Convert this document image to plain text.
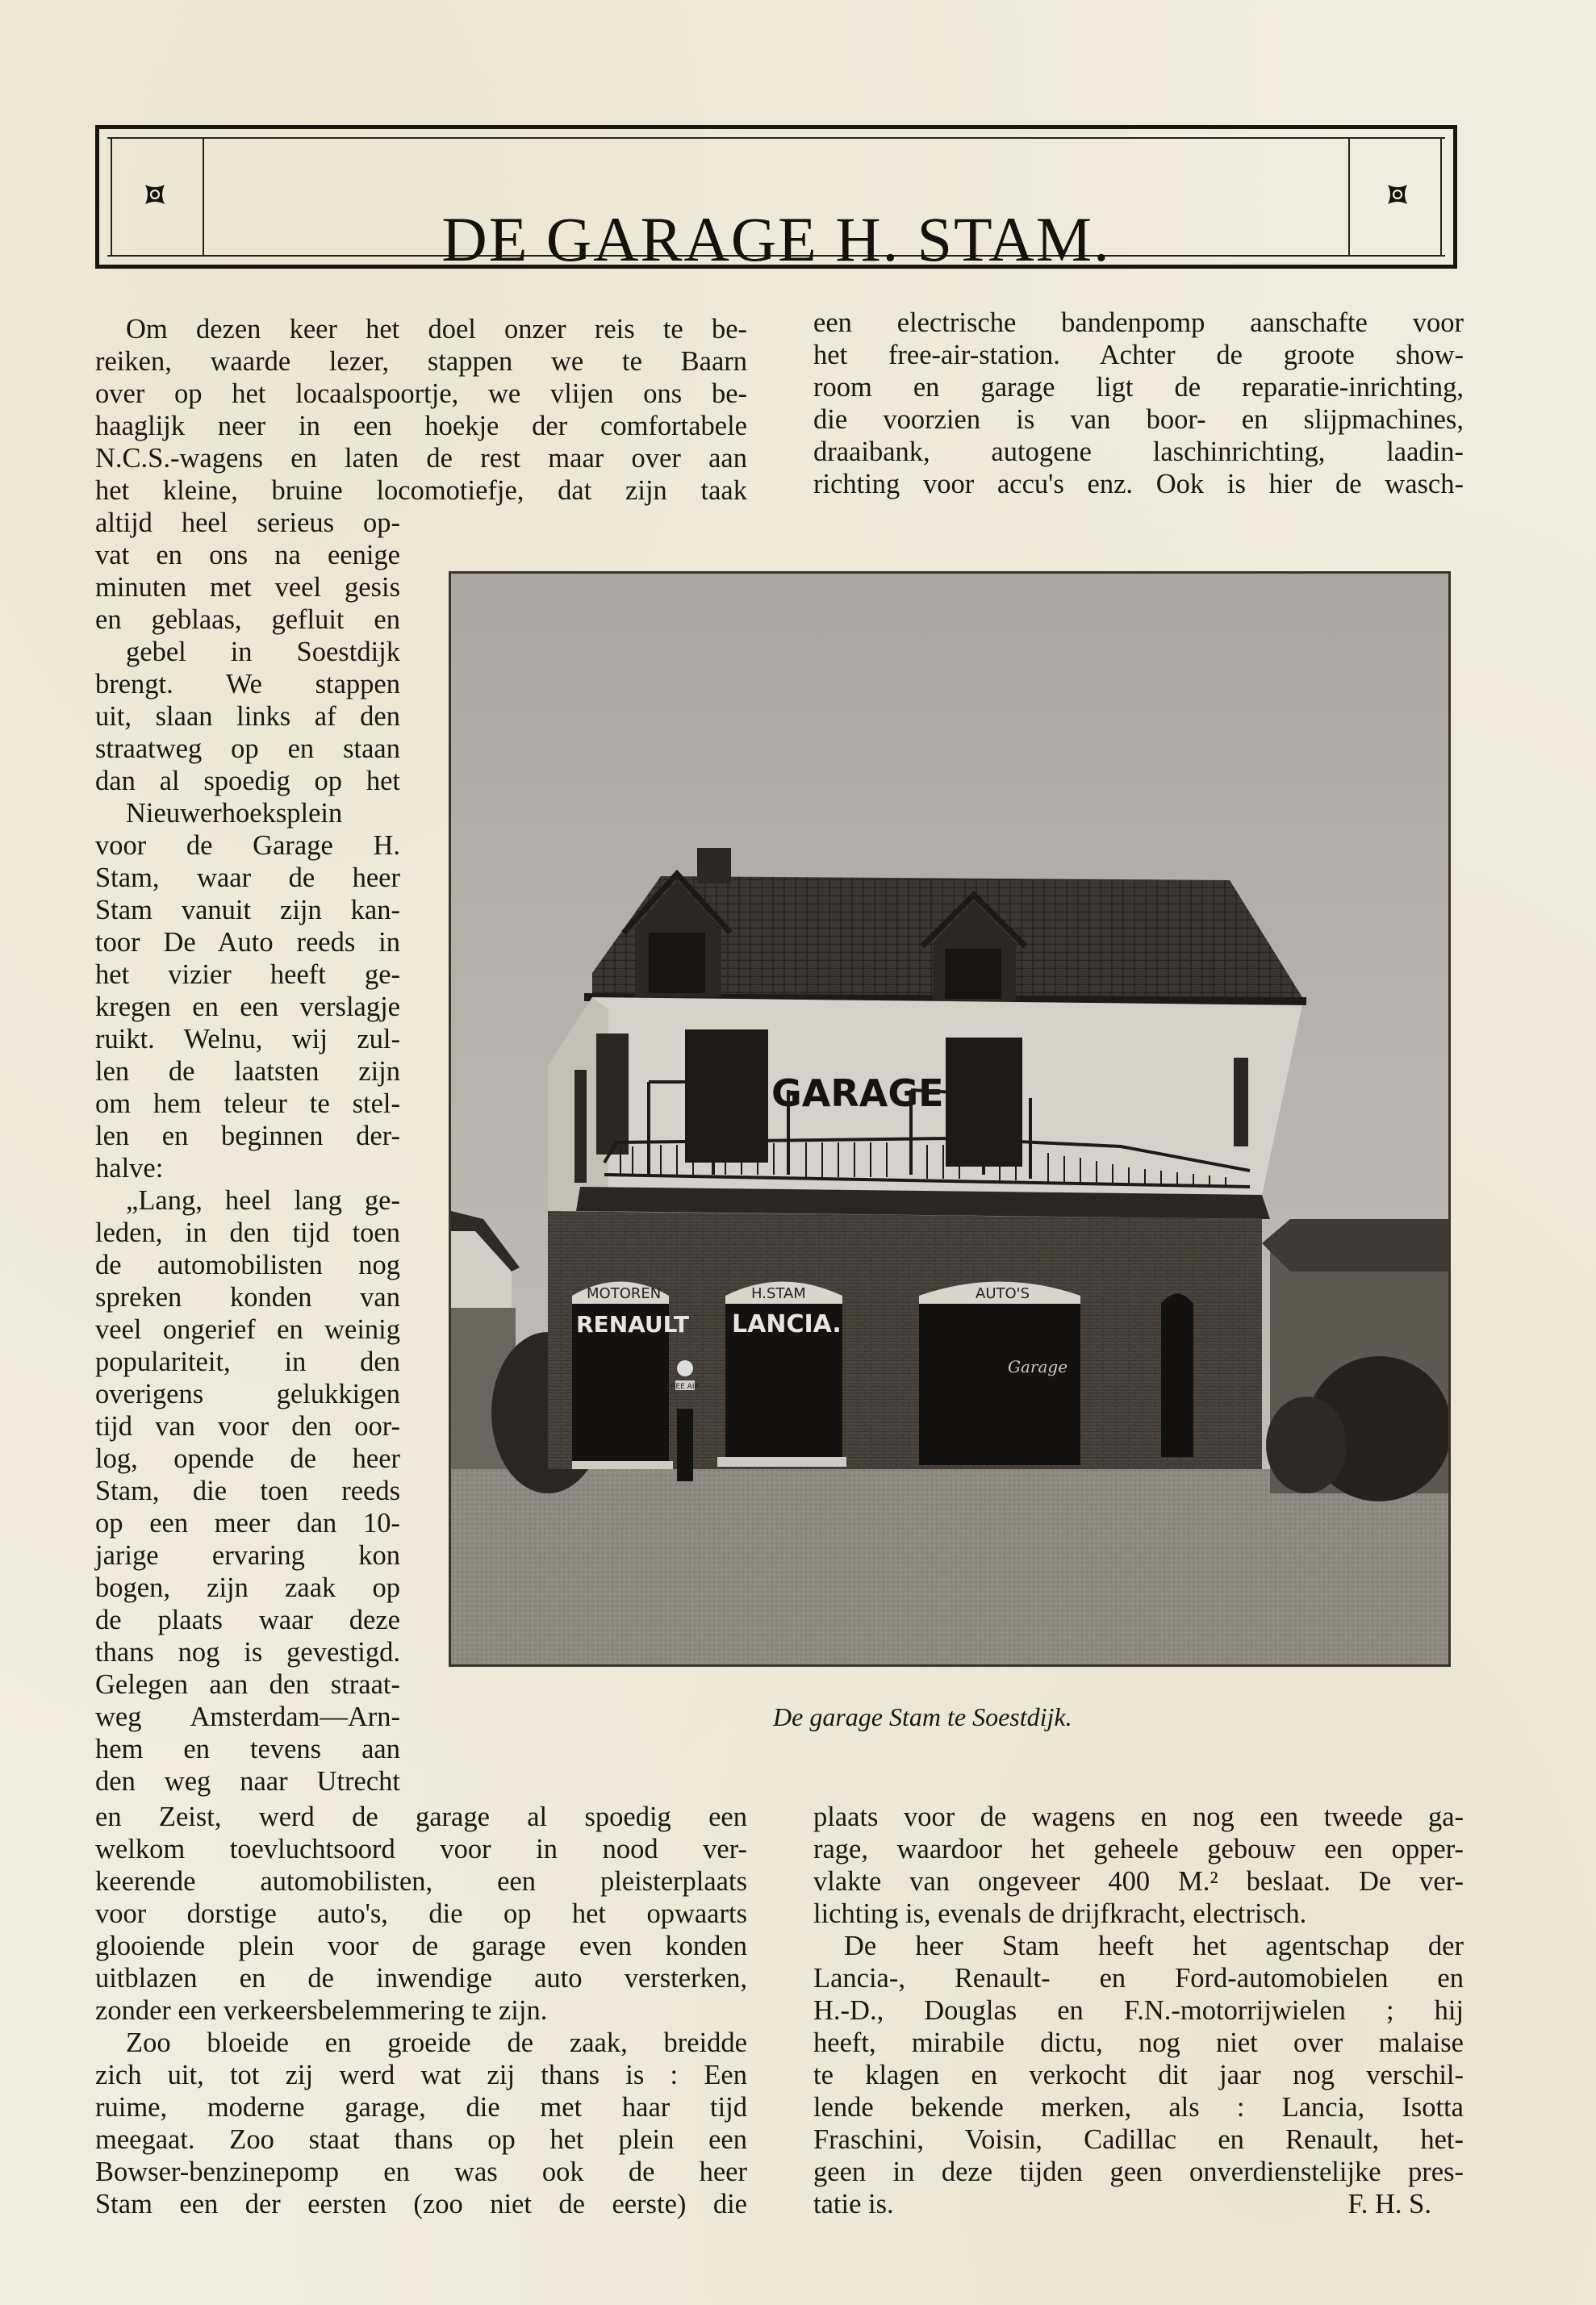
DE GARAGE H. STAM.
Om dezen keer het doel onzer reis te be-
reiken, waarde lezer, stappen we te Baarn
over op het locaalspoortje, we vlijen ons be-
haaglijk neer in een hoekje der comfortabele
N.C.S.-wagens en laten de rest maar over aan
het kleine, bruine locomotiefje, dat zijn taak
een electrische bandenpomp aanschafte voor
het free-air-station. Achter de groote show-
room en garage ligt de reparatie-inrichting,
die voorzien is van boor- en slijpmachines,
draaibank, autogene laschinrichting, laadin-
richting voor accu's enz. Ook is hier de wasch-
altijd heel serieus op-
vat en ons na eenige
minuten met veel gesis
en geblaas, gefluit en
gebel in Soestdijk
brengt. We stappen
uit, slaan links af den
straatweg op en staan
dan al spoedig op het
Nieuwerhoeksplein
voor de Garage H.
Stam, waar de heer
Stam vanuit zijn kan-
toor De Auto reeds in
het vizier heeft ge-
kregen en een verslagje
ruikt. Welnu, wij zul-
len de laatsten zijn
om hem teleur te stel-
len en beginnen der-
halve:
„Lang, heel lang ge-
leden, in den tijd toen
de automobilisten nog
spreken konden van
veel ongerief en weinig
populariteit, in den
overigens gelukkigen
tijd van voor den oor-
log, opende de heer
Stam, die toen reeds
op een meer dan 10-
jarige ervaring kon
bogen, zijn zaak op
de plaats waar deze
thans nog is gevestigd.
Gelegen aan den straat-
weg Amsterdam—Arn-
hem en tevens aan
den weg naar Utrecht
GARAGE
MOTOREN	H.STAM	AUTO'S
RENAULT LANCIA.
Garage
FREE AIR
De garage Stam te Soestdijk.
en Zeist, werd de garage al spoedig een
welkom toevluchtsoord voor in nood ver-
keerende automobilisten, een pleisterplaats
voor dorstige auto's, die op het opwaarts
glooiende plein voor de garage even konden
uitblazen en de inwendige auto versterken,
zonder een verkeersbelemmering te zijn.
Zoo bloeide en groeide de zaak, breidde
zich uit, tot zij werd wat zij thans is : Een
ruime, moderne garage, die met haar tijd
meegaat. Zoo staat thans op het plein een
Bowser-benzinepomp en was ook de heer
Stam een der eersten (zoo niet de eerste) die
plaats voor de wagens en nog een tweede ga-
rage, waardoor het geheele gebouw een opper-
vlakte van ongeveer 400 M.² beslaat. De ver-
lichting is, evenals de drijfkracht, electrisch.
De heer Stam heeft het agentschap der
Lancia-, Renault- en Ford-automobielen en
H.-D., Douglas en F.N.-motorrijwielen ; hij
heeft, mirabile dictu, nog niet over malaise
te klagen en verkocht dit jaar nog verschil-
lende bekende merken, als : Lancia, Isotta
Fraschini, Voisin, Cadillac en Renault, het-
geen in deze tijden geen onverdienstelijke pres-
tatie is.	F. H. S.
